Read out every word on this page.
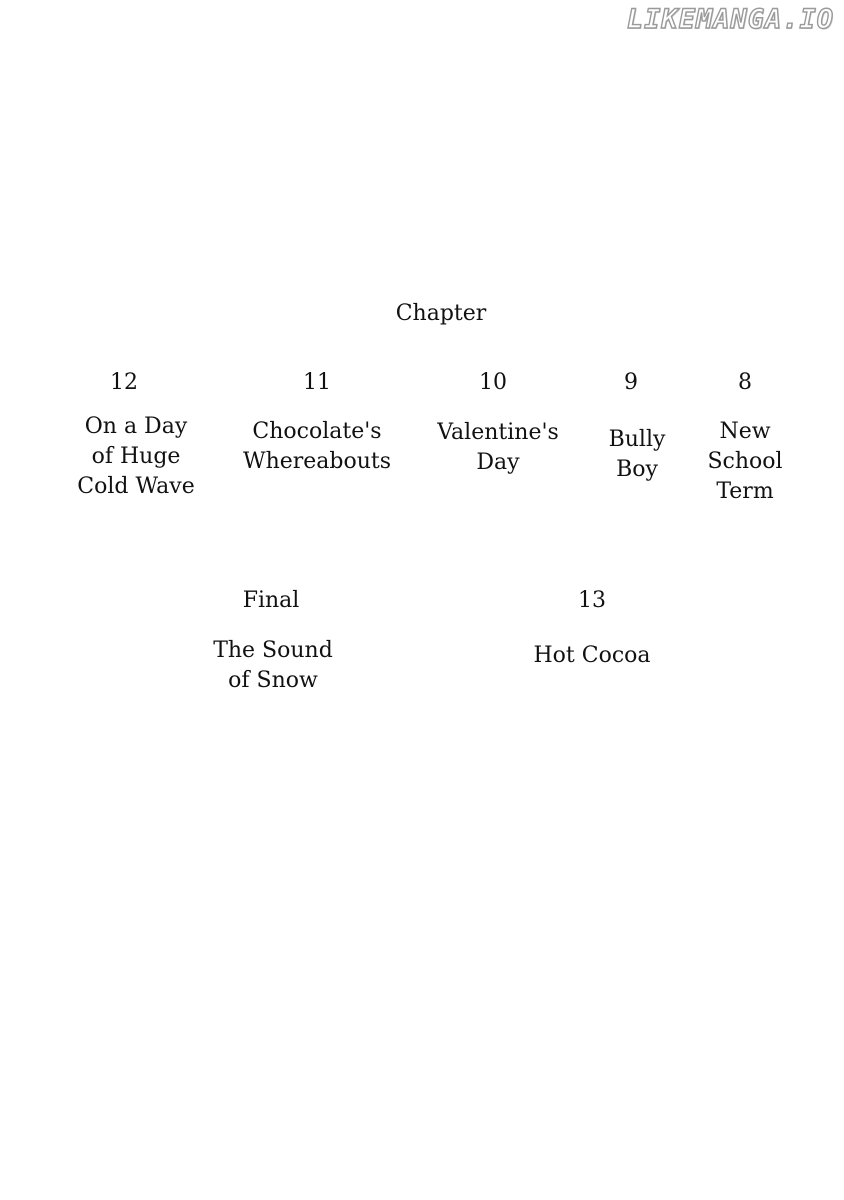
LIKEMANGA.IO
Chapter
12
On a Day
of Huge
Cold Wave
11
Chocolate's
Whereabouts
10
Valentine's
Day
9
Bully
Boy
8
New
School
Term
Final
The Sound
of Snow
13
Hot Cocoa
